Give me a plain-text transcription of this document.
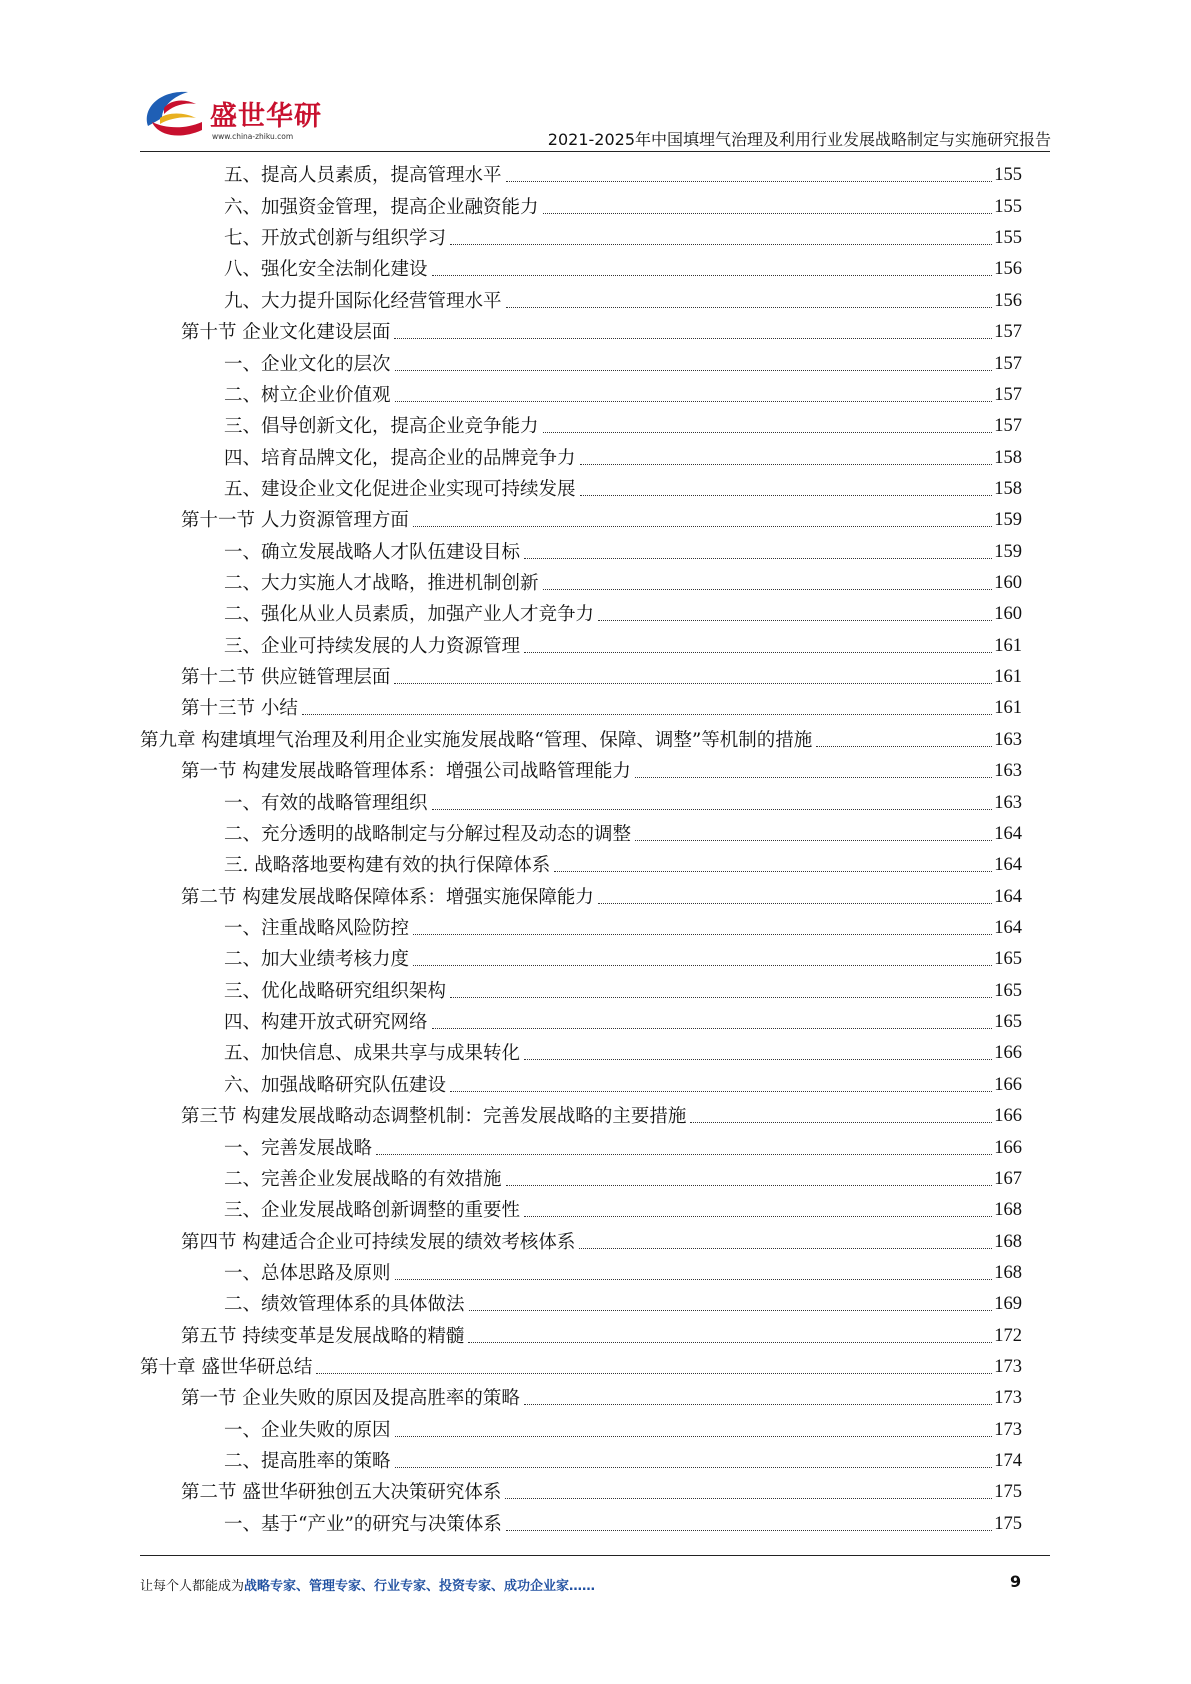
盛世华研
www.china-zhiku.com	2021-2025年中国填埋气治理及利用行业发展战略制定与实施研究报告
五、提高人员素质，提高管理水平	155
六、加强资金管理，提高企业融资能力	155
七、开放式创新与组织学习	155
八、强化安全法制化建设	156
九、大力提升国际化经营管理水平	156
第十节 企业文化建设层面	157
一、企业文化的层次	157
二、树立企业价值观	157
三、倡导创新文化，提高企业竞争能力	157
四、培育品牌文化，提高企业的品牌竞争力	158
五、建设企业文化促进企业实现可持续发展	158
第十一节 人力资源管理方面	159
一、确立发展战略人才队伍建设目标	159
二、大力实施人才战略，推进机制创新	160
二、强化从业人员素质，加强产业人才竞争力	160
三、企业可持续发展的人力资源管理	161
第十二节 供应链管理层面	161
第十三节 小结	161
第九章 构建填埋气治理及利用企业实施发展战略“管理、保障、调整”等机制的措施	163
第一节 构建发展战略管理体系：增强公司战略管理能力	163
一、有效的战略管理组织	163
二、充分透明的战略制定与分解过程及动态的调整	164
三. 战略落地要构建有效的执行保障体系	164
第二节 构建发展战略保障体系：增强实施保障能力	164
一、注重战略风险防控	164
二、加大业绩考核力度	165
三、优化战略研究组织架构	165
四、构建开放式研究网络	165
五、加快信息、成果共享与成果转化	166
六、加强战略研究队伍建设	166
第三节 构建发展战略动态调整机制：完善发展战略的主要措施	166
一、完善发展战略	166
二、完善企业发展战略的有效措施	167
三、企业发展战略创新调整的重要性	168
第四节 构建适合企业可持续发展的绩效考核体系	168
一、总体思路及原则	168
二、绩效管理体系的具体做法	169
第五节 持续变革是发展战略的精髓	172
第十章 盛世华研总结	173
第一节 企业失败的原因及提高胜率的策略	173
一、企业失败的原因	173
二、提高胜率的策略	174
第二节 盛世华研独创五大决策研究体系	175
一、基于“产业”的研究与决策体系	175
让每个人都能成为战略专家、管理专家、行业专家、投资专家、成功企业家……	9
